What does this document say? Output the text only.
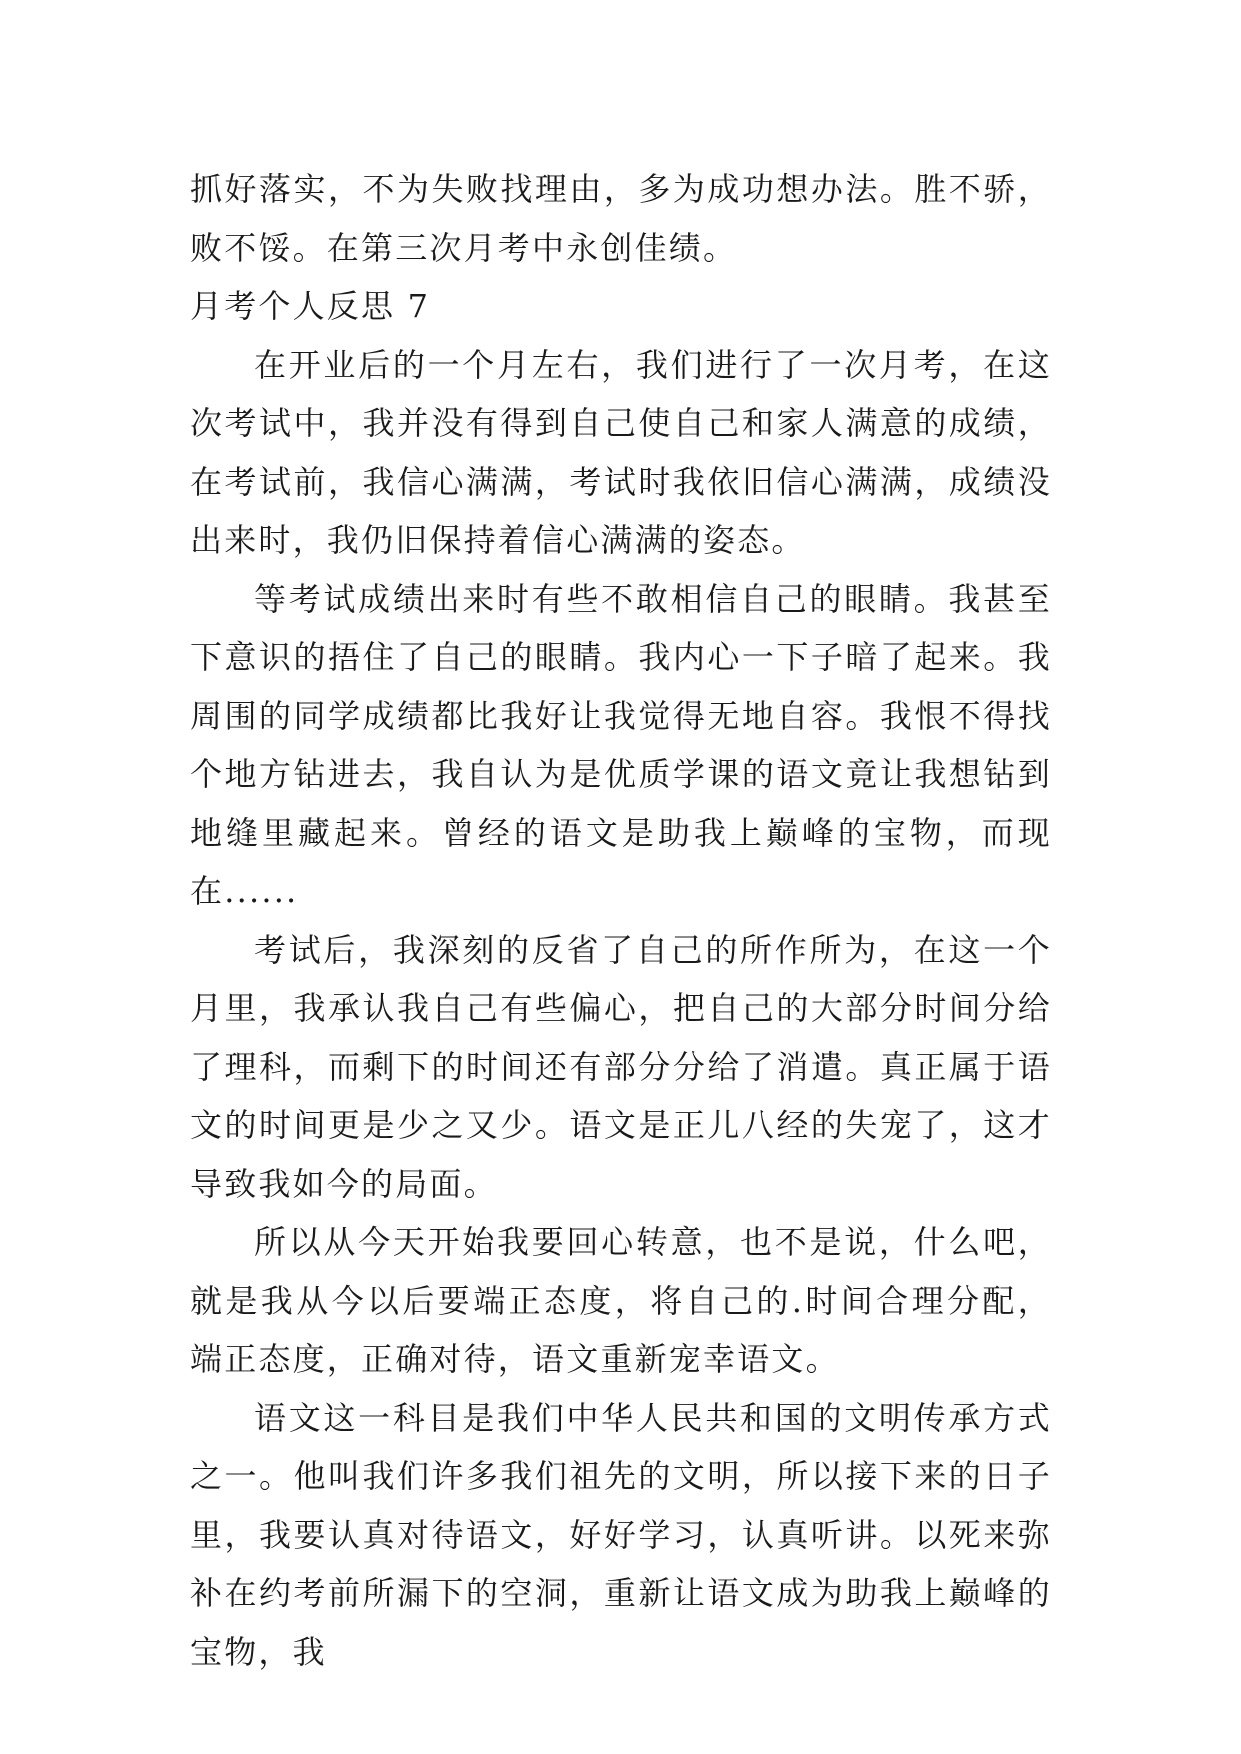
抓好落实，不为失败找理由，多为成功想办法。胜不骄，败不馁。在第三次月考中永创佳绩。

月考个人反思 7

在开业后的一个月左右，我们进行了一次月考，在这次考试中，我并没有得到自己使自己和家人满意的成绩，在考试前，我信心满满，考试时我依旧信心满满，成绩没出来时，我仍旧保持着信心满满的姿态。

等考试成绩出来时有些不敢相信自己的眼睛。我甚至下意识的捂住了自己的眼睛。我内心一下子暗了起来。我周围的同学成绩都比我好让我觉得无地自容。我恨不得找个地方钻进去，我自认为是优质学课的语文竟让我想钻到地缝里藏起来。曾经的语文是助我上巅峰的宝物，而现在......

考试后，我深刻的反省了自己的所作所为，在这一个月里，我承认我自己有些偏心，把自己的大部分时间分给了理科，而剩下的时间还有部分分给了消遣。真正属于语文的时间更是少之又少。语文是正儿八经的失宠了，这才导致我如今的局面。

所以从今天开始我要回心转意，也不是说，什么吧，就是我从今以后要端正态度，将自己的.时间合理分配，端正态度，正确对待，语文重新宠幸语文。

语文这一科目是我们中华人民共和国的文明传承方式之一。他叫我们许多我们祖先的文明，所以接下来的日子里，我要认真对待语文，好好学习，认真听讲。以死来弥补在约考前所漏下的空洞，重新让语文成为助我上巅峰的宝物，我
